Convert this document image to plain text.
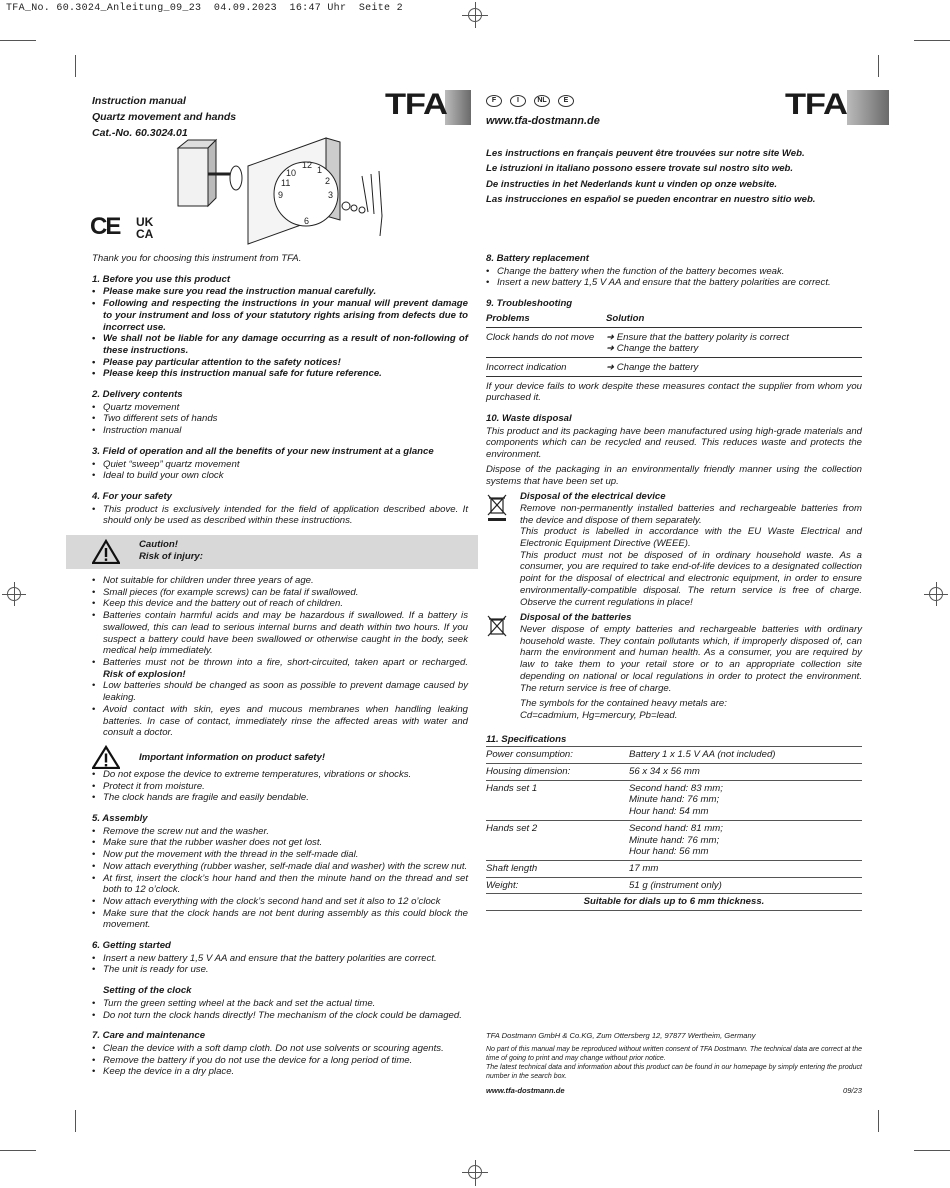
TFA_No. 60.3024_Anleitung_09_23  04.09.2023  16:47 Uhr  Seite 2
Instruction manual
Quartz movement and hands
Cat.-No. 60.3024.01
TFA
12
3
6
9
1
2
10
11
CE UK
CA

Thank you for choosing this instrument from TFA.

1. Before you use this product
• Please make sure you read the instruction manual carefully.
• Following and respecting the instructions in your manual will prevent damage to your instrument and loss of your statutory rights arising from defects due to incorrect use.
• We shall not be liable for any damage occurring as a result of non-following of these instructions.
• Please pay particular attention to the safety notices!
• Please keep this instruction manual safe for future reference.
2. Delivery contents
• Quartz movement
• Two different sets of hands
• Instruction manual
3. Field of operation and all the benefits of your new instrument at a glance
• Quiet “sweep” quartz movement
• Ideal to build your own clock
4. For your safety
• This product is exclusively intended for the field of application described above. It should only be used as described within these instructions.
Caution!
Risk of injury:
• Not suitable for children under three years of age.
• Small pieces (for example screws) can be fatal if swallowed.
• Keep this device and the battery out of reach of children.
• Batteries contain harmful acids and may be hazardous if swallowed. If a battery is swallowed, this can lead to serious internal burns and death within two hours. If you suspect a battery could have been swallowed or otherwise caught in the body, seek medical help immediately.
• Batteries must not be thrown into a fire, short-circuited, taken apart or recharged. Risk of explosion!
• Low batteries should be changed as soon as possible to prevent damage caused by leaking.
• Avoid contact with skin, eyes and mucous membranes when handling leaking batteries. In case of contact, immediately rinse the affected areas with water and consult a doctor.
Important information on product safety!
• Do not expose the device to extreme temperatures, vibrations or shocks.
• Protect it from moisture.
• The clock hands are fragile and easily bendable.
5. Assembly
• Remove the screw nut and the washer.
• Make sure that the rubber washer does not get lost.
• Now put the movement with the thread in the self-made dial.
• Now attach everything (rubber washer, self-made dial and washer) with the screw nut.
• At first, insert the clock’s hour hand and then the minute hand on the thread and set both to 12 o’clock.
• Now attach everything with the clock’s second hand and set it also to 12 o’clock
• Make sure that the clock hands are not bent during assembly as this could block the movement.
6. Getting started
• Insert a new battery 1,5 V AA and ensure that the battery polarities are correct.
• The unit is ready for use.
Setting of the clock
• Turn the green setting wheel at the back and set the actual time.
• Do not turn the clock hands directly! The mechanism of the clock could be damaged.
7. Care and maintenance
• Clean the device with a soft damp cloth. Do not use solvents or scouring agents.
• Remove the battery if you do not use the device for a long period of time.
• Keep the device in a dry place.
F	I	NL	E	TFA
www.tfa-dostmann.de
Les instructions en français peuvent être trouvées sur notre site Web.
Le istruzioni in italiano possono essere trovate sul nostro sito web.
De instructies in het Nederlands kunt u vinden op onze website.
Las instrucciones en español se pueden encontrar en nuestro sitio web.
8. Battery replacement
• Change the battery when the function of the battery becomes weak.
• Insert a new battery 1,5 V AA and ensure that the battery polarities are correct.
9. Troubleshooting
Problems	Solution
Clock hands do not move	➜ Ensure that the battery polarity is correct
➜ Change the battery

Incorrect indication	➜ Change the battery

If your device fails to work despite these measures contact the supplier from whom you purchased it.

10. Waste disposal

This product and its packaging have been manufactured using high-grade materials and components which can be recycled and reused. This reduces waste and protects the environment.

Dispose of the packaging in an environmentally friendly manner using the collection systems that have been set up.

Disposal of the electrical device

Remove non-permanently installed batteries and rechargeable batteries from the device and dispose of them separately.

This product is labelled in accordance with the EU Waste Electrical and Electronic Equipment Directive (WEEE).

This product must not be disposed of in ordinary household waste. As a consumer, you are required to take end-of-life devices to a designated collection point for the disposal of electrical and electronic equipment, in order to ensure environmentally-compatible disposal. The return service is free of charge. Observe the current regulations in place!

Disposal of the batteries

Never dispose of empty batteries and rechargeable batteries with ordinary household waste. They contain pollutants which, if improperly disposed of, can harm the environment and human health. As a consumer, you are required by law to take them to your retail store or to an appropriate collection site depending on national or local regulations in order to protect the environment. The return service is free of charge.

The symbols for the contained heavy metals are:

Cd=cadmium, Hg=mercury, Pb=lead.

11. Specifications
Power consumption:	Battery 1 x 1.5 V AA (not included)
Housing dimension:	56 x 34 x 56 mm
Hands set 1	Second hand: 83 mm;
Minute hand: 76 mm;
Hour hand: 54 mm

Hands set 2	Second hand: 81 mm;
Minute hand: 76 mm;
Hour hand: 56 mm

Shaft length	17 mm
Weight:	51 g (instrument only)
Suitable for dials up to 6 mm thickness.	

TFA Dostmann GmbH & Co.KG, Zum Ottersberg 12, 97877 Wertheim, Germany

No part of this manual may be reproduced without written consent of TFA Dostmann. The technical data are correct at the time of going to print and may change without prior notice.

The latest technical data and information about this product can be found in our homepage by simply entering the product number in the search box.

www.tfa-dostmann.de	09/23
